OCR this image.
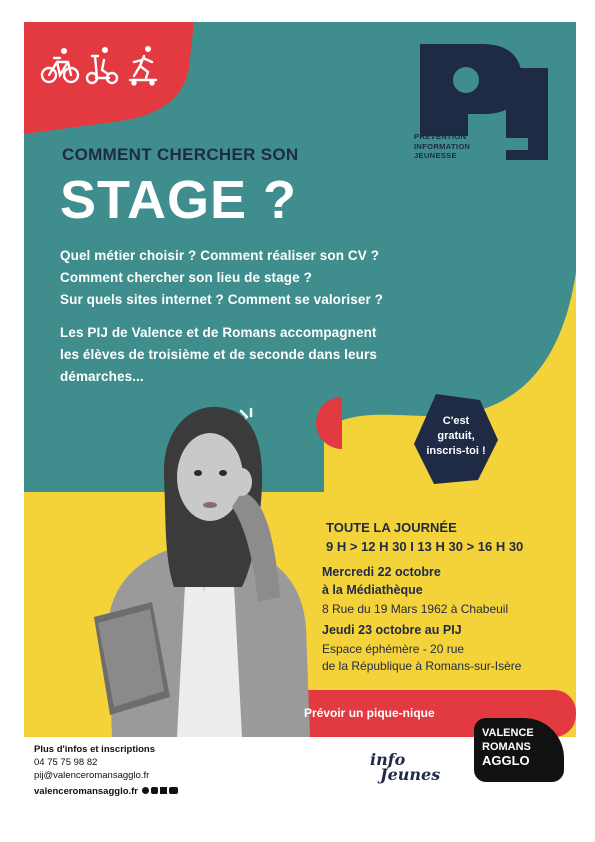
PRÉVENTION
INFORMATION
JEUNESSE

COMMENT CHERCHER SON

STAGE ?

Quel métier choisir ? Comment réaliser son CV ?

Comment chercher son lieu de stage ?

Sur quels sites internet ? Comment se valoriser ?

Les PIJ de Valence et de Romans accompagnent

les élèves de troisième et de seconde dans leurs

démarches...

C'est
gratuit,
inscris-toi !

TOUTE LA JOURNÉE

9 H > 12 H 30 I 13 H 30 > 16 H 30

Mercredi 22 octobre

à la Médiathèque

8 Rue du 19 Mars 1962 à Chabeuil

Jeudi 23 octobre au PIJ

Espace éphémère - 20 rue

de la République à Romans-sur-Isère

Prévoir un pique-nique

Plus d'infos et inscriptions

04 75 75 98 82

pij@valenceromansagglo.fr

valenceromansagglo.fr

info
Jeunes
VALENCE
ROMANS
AGGLO
